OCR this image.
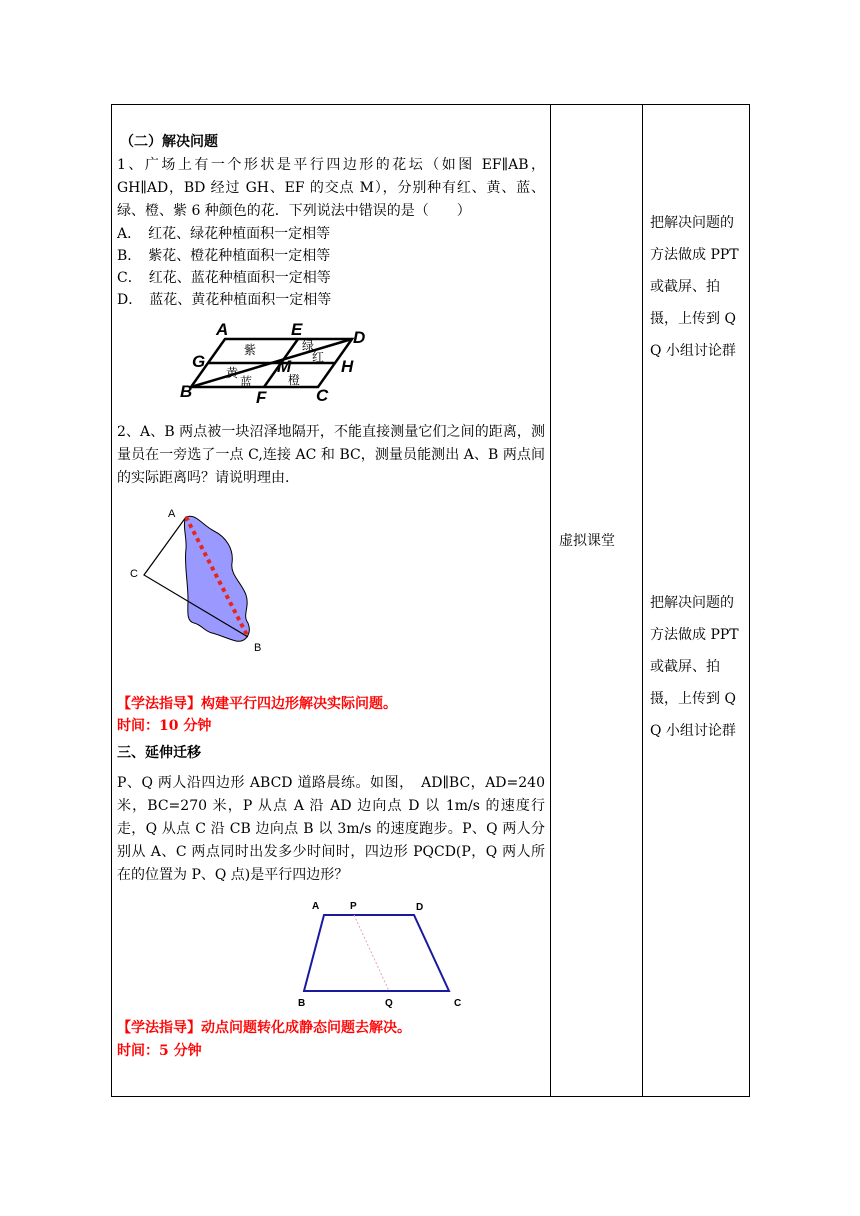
（二）解决问题
1、广场上有一个形状是平行四边形的花坛（如图 EF∥AB，GH∥AD，BD 经过 GH、EF 的交点 M），分别种有红、黄、蓝、绿、橙、紫 6 种颜色的花．下列说法中错误的是（　　）
A．　红花、绿花种植面积一定相等
B．　紫花、橙花种植面积一定相等
C．　红花、蓝花种植面积一定相等
D．　蓝花、黄花种植面积一定相等
A	E	D
G	M	H
B	F	C
紫	绿
红
黄
蓝	橙
2、A、B 两点被一块沼泽地隔开，不能直接测量它们之间的距离，测量员在一旁选了一点 C,连接 AC 和 BC，测量员能测出 A、B 两点间的实际距离吗？请说明理由.
A
C
B
【学法指导】构建平行四边形解决实际问题。
时间：10 分钟
三、延伸迁移
P、Q 两人沿四边形 ABCD 道路晨练。如图，　AD∥BC，AD=240 米，BC=270 米，P 从点 A 沿 AD 边向点 D 以 1m/s 的速度行走，Q 从点 C 沿 CB 边向点 B 以 3m/s 的速度跑步。P、Q 两人分别从 A、C 两点同时出发多少时间时，四边形 PQCD(P，Q 两人所在的位置为 P、Q 点)是平行四边形？
A	P	D
B	Q	C
【学法指导】动点问题转化成静态问题去解决。
时间：5 分钟
虚拟课堂
把解决问题的方法做成 PPT 或截屏、拍摄，上传到 QQ 小组讨论群
把解决问题的方法做成 PPT 或截屏、拍摄，上传到 QQ 小组讨论群
